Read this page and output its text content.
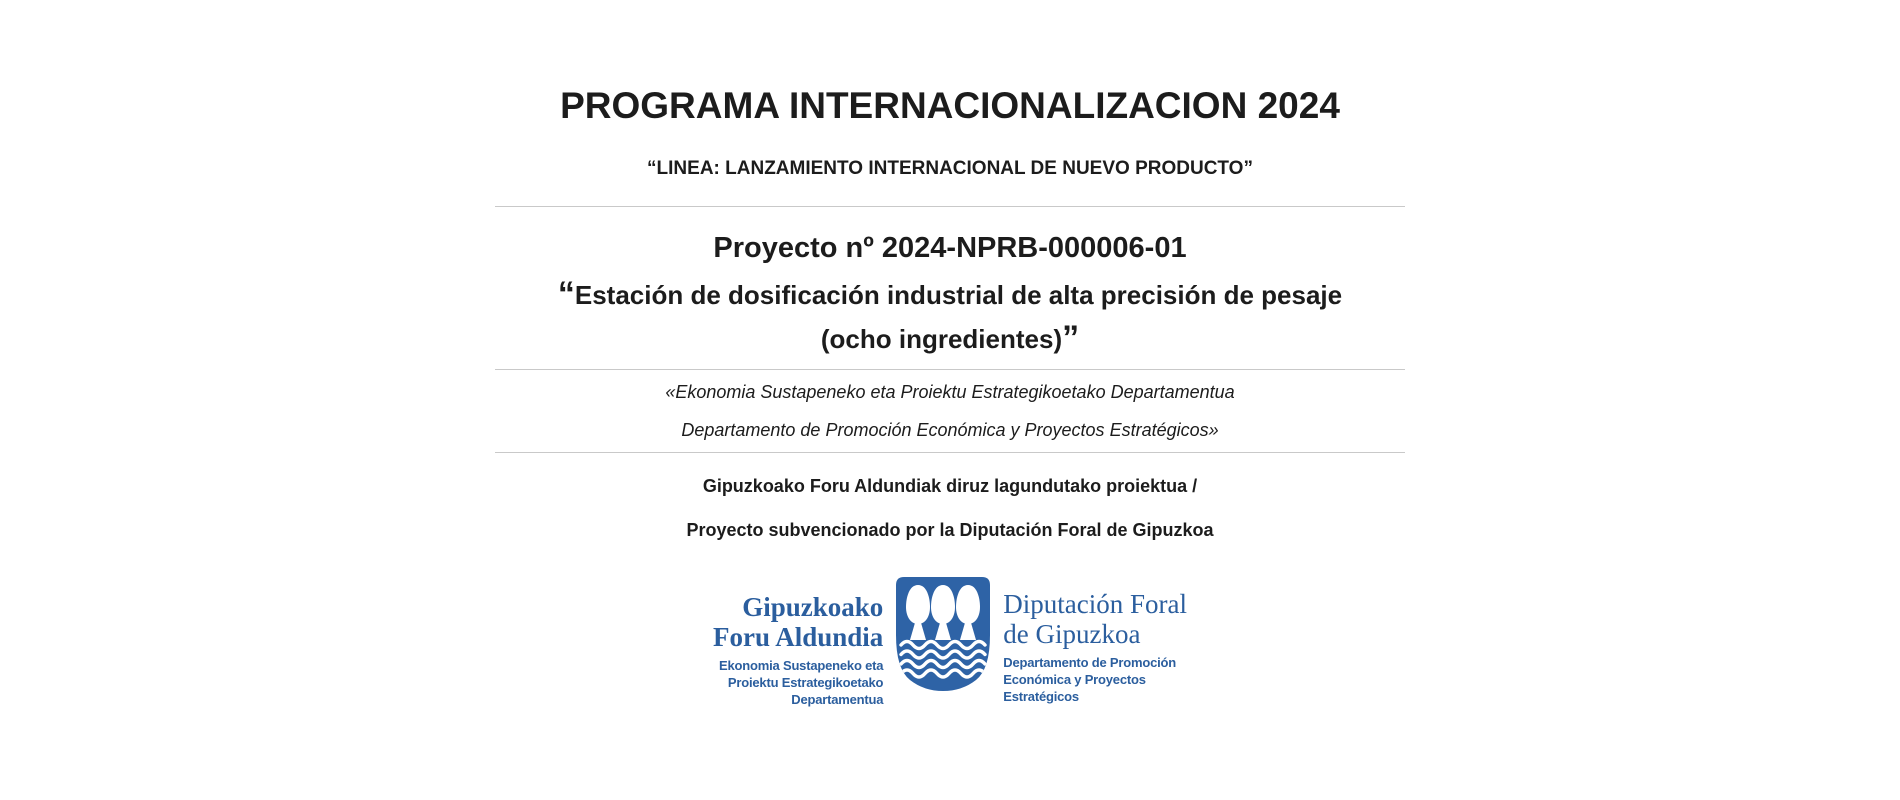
PROGRAMA INTERNACIONALIZACION 2024

“LINEA: LANZAMIENTO INTERNACIONAL DE NUEVO PRODUCTO”

Proyecto nº 2024-NPRB-000006-01

“Estación de dosificación industrial de alta precisión de pesaje
(ocho ingredientes)”

«Ekonomia Sustapeneko eta Proiektu Estrategikoetako Departamentua

Departamento de Promoción Económica y Proyectos Estratégicos»

Gipuzkoako Foru Aldundiak diruz lagundutako proiektua /

Proyecto subvencionado por la Diputación Foral de Gipuzkoa

Gipuzkoako
Foru Aldundia

Ekonomia Sustapeneko eta
Proiektu Estrategikoetako
Departamentua

Diputación Foral
de Gipuzkoa

Departamento de Promoción
Económica y Proyectos
Estratégicos
